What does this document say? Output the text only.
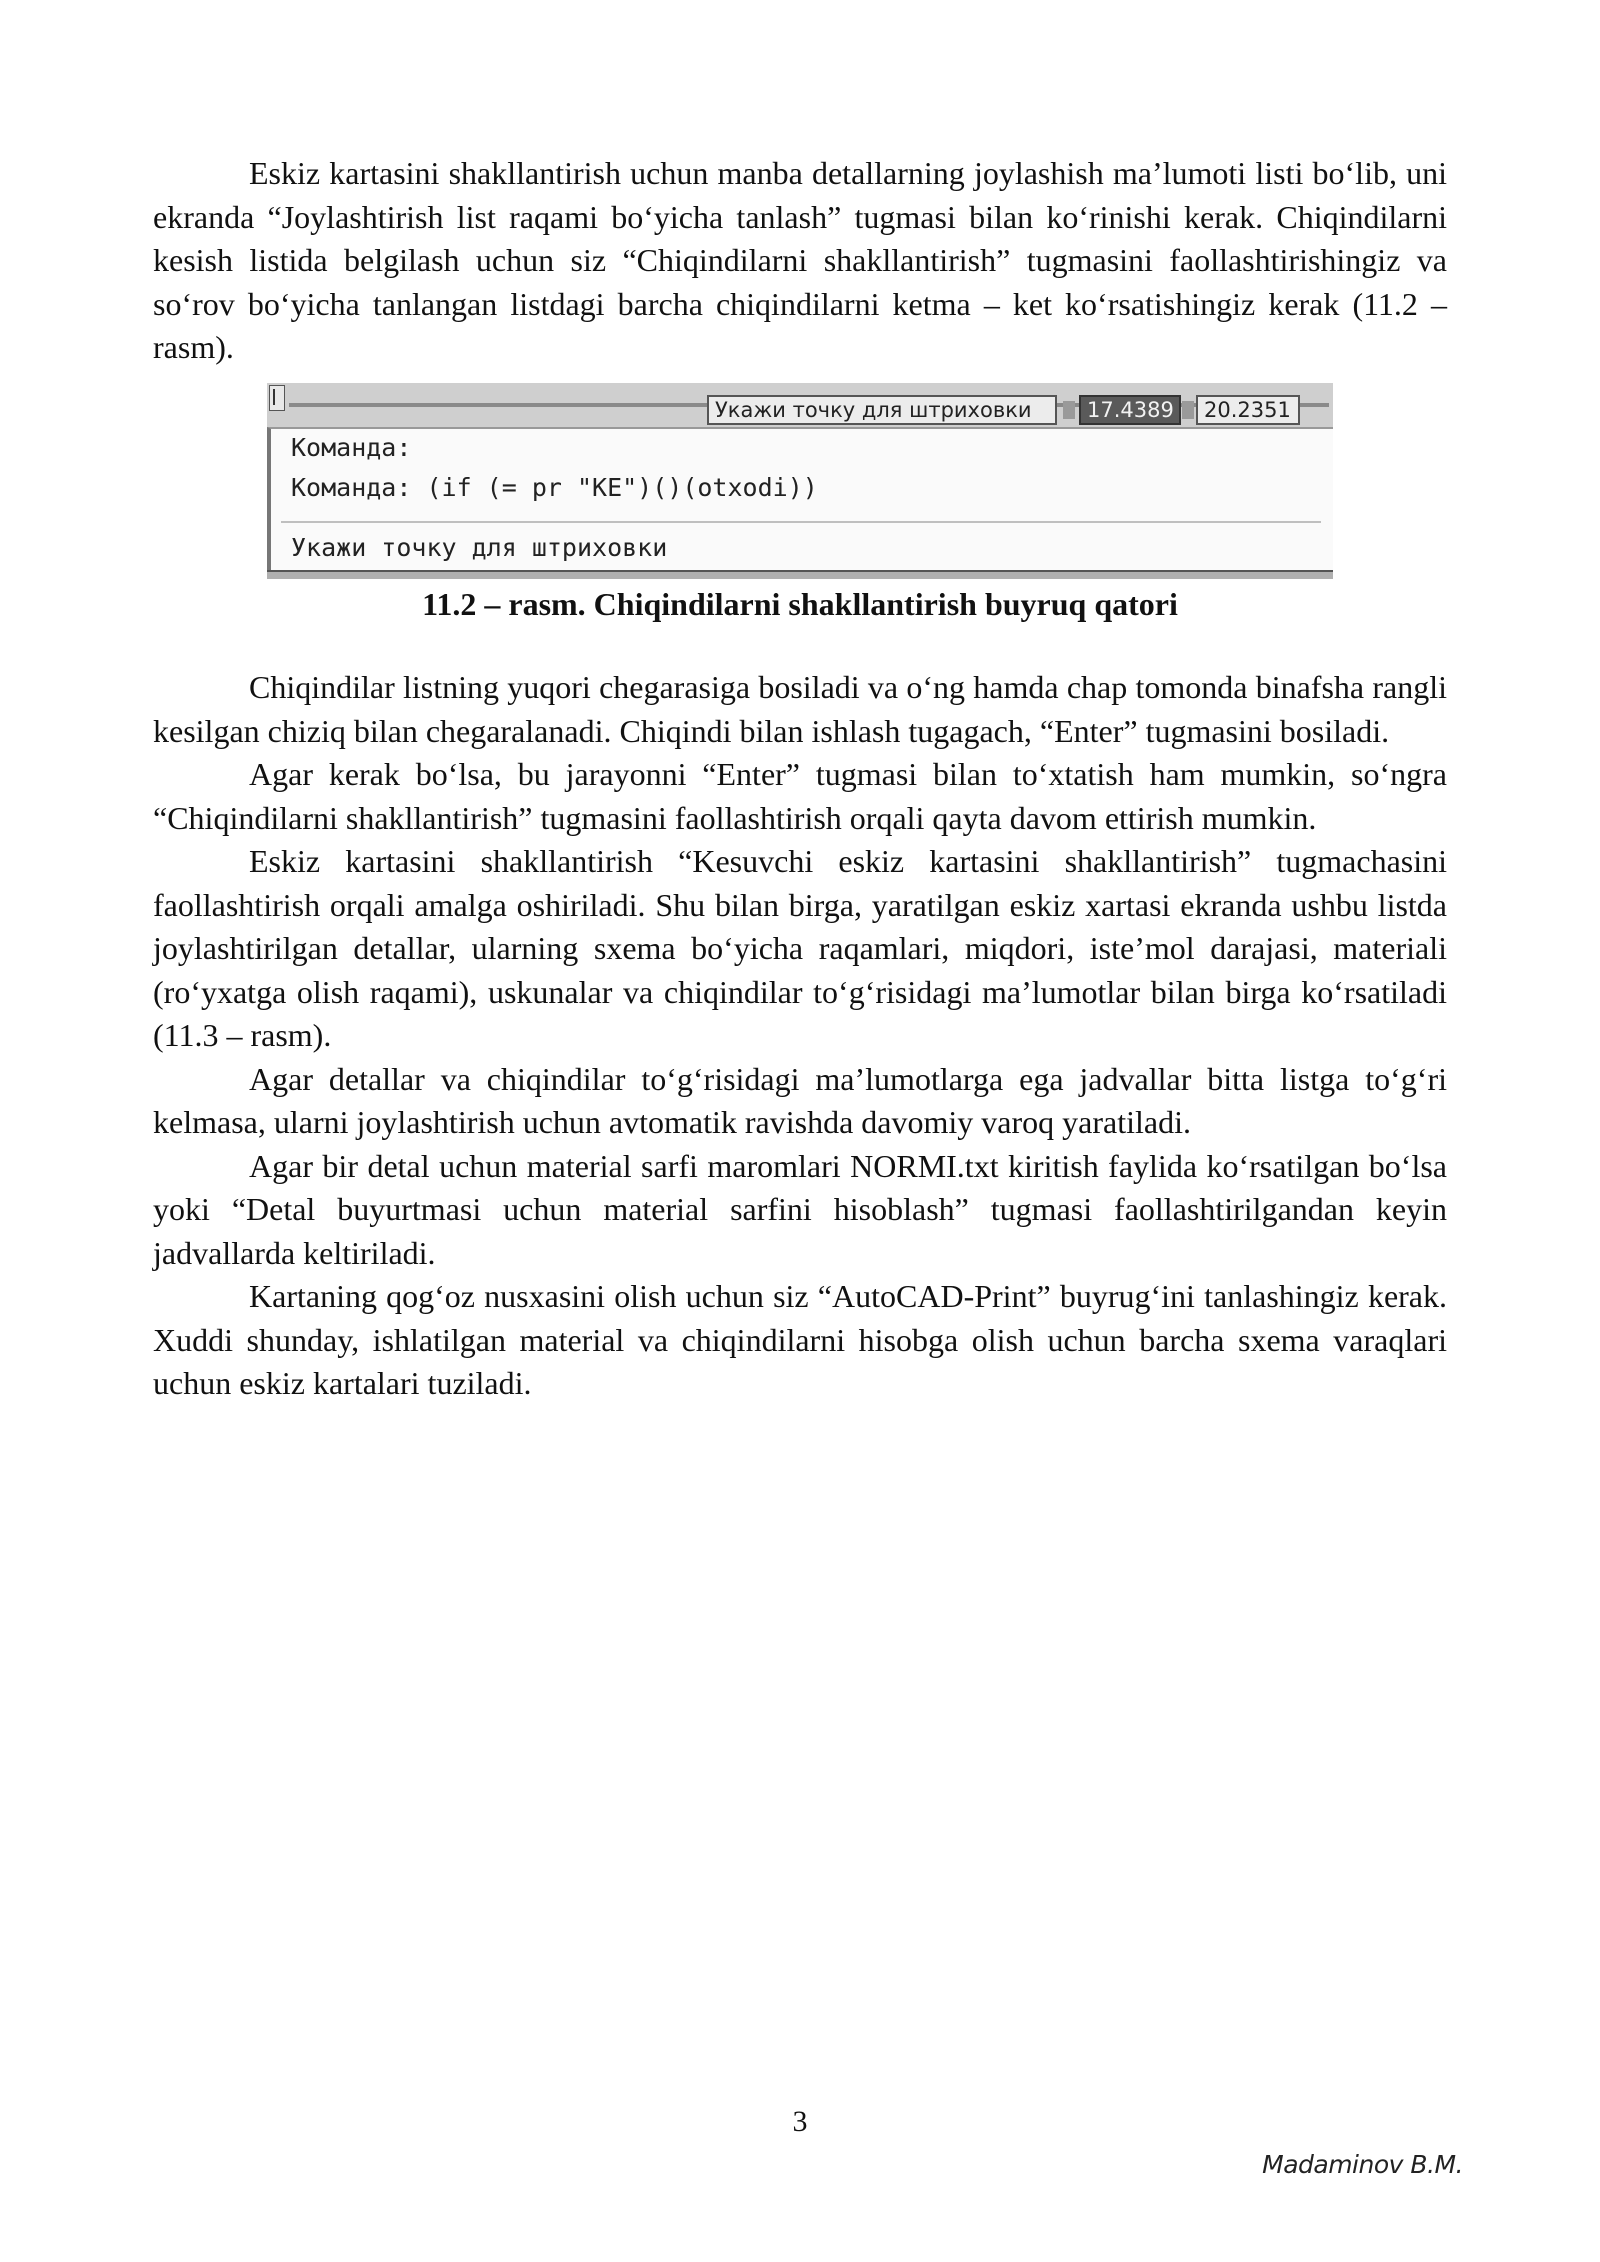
Eskiz kartasini shakllantirish uchun manba detallarning joylashish ma’lumoti listi bo‘lib, uni ekranda “Joylashtirish list raqami bo‘yicha tanlash” tugmasi bilan ko‘rinishi kerak. Chiqindilarni kesish listida belgilash uchun siz “Chiqindilarni shakllantirish” tugmasini faollashtirishingiz va so‘rov bo‘yicha tanlangan listdagi barcha chiqindilarni ketma – ket ko‘rsatishingiz kerak (11.2 – rasm).

Укажи точку для штриховки	17.4389	20.2351
Команда:
Команда: (if (= pr "KE")()(otxodi))
Укажи точку для штриховки
11.2 – rasm. Chiqindilarni shakllantirish buyruq qatori

Chiqindilar listning yuqori chegarasiga bosiladi va o‘ng hamda chap tomonda binafsha rangli kesilgan chiziq bilan chegaralanadi. Chiqindi bilan ishlash tugagach, “Enter” tugmasini bosiladi.

Agar kerak bo‘lsa, bu jarayonni “Enter” tugmasi bilan to‘xtatish ham mumkin, so‘ngra “Chiqindilarni shakllantirish” tugmasini faollashtirish orqali qayta davom ettirish mumkin.

Eskiz kartasini shakllantirish “Kesuvchi eskiz kartasini shakllantirish” tugmachasini faollashtirish orqali amalga oshiriladi. Shu bilan birga, yaratilgan eskiz xartasi ekranda ushbu listda joylashtirilgan detallar, ularning sxema bo‘yicha raqamlari, miqdori, iste’mol darajasi, materiali (ro‘yxatga olish raqami), uskunalar va chiqindilar to‘g‘risidagi ma’lumotlar bilan birga ko‘rsatiladi (11.3 – rasm).

Agar detallar va chiqindilar to‘g‘risidagi ma’lumotlarga ega jadvallar bitta listga to‘g‘ri kelmasa, ularni joylashtirish uchun avtomatik ravishda davomiy varoq yaratiladi.

Agar bir detal uchun material sarfi maromlari NORMI.txt kiritish faylida ko‘rsatilgan bo‘lsa yoki “Detal buyurtmasi uchun material sarfini hisoblash” tugmasi faollashtirilgandan keyin jadvallarda keltiriladi.

Kartaning qog‘oz nusxasini olish uchun siz “AutoCAD-Print” buyrug‘ini tanlashingiz kerak. Xuddi shunday, ishlatilgan material va chiqindilarni hisobga olish uchun barcha sxema varaqlari uchun eskiz kartalari tuziladi.

3
Madaminov B.M.
